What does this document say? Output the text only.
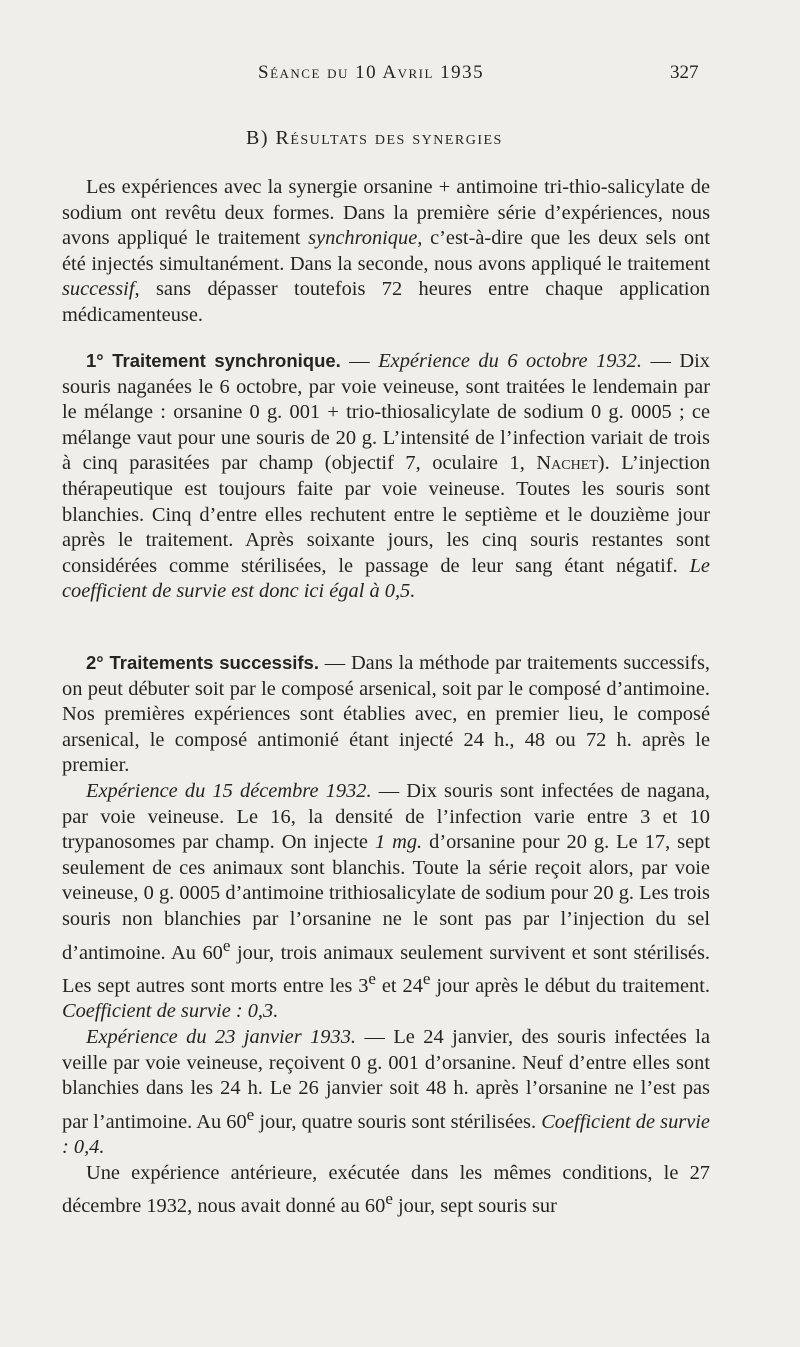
Séance du 10 Avril 1935	327
B) Résultats des synergies

Les expériences avec la synergie orsanine + antimoine tri-thio-salicylate de sodium ont revêtu deux formes. Dans la première série d’expériences, nous avons appliqué le traitement synchronique, c’est-à-dire que les deux sels ont été injectés simultanément. Dans la seconde, nous avons appliqué le traitement successif, sans dépasser toutefois 72 heures entre chaque application médicamenteuse.

1° Traitement synchronique. — Expérience du 6 octobre 1932. — Dix souris naganées le 6 octobre, par voie veineuse, sont traitées le lendemain par le mélange : orsanine 0 g. 001 + trio-thiosalicylate de sodium 0 g. 0005 ; ce mélange vaut pour une souris de 20 g. L’intensité de l’infection variait de trois à cinq parasitées par champ (objectif 7, oculaire 1, Nachet). L’injection thérapeutique est toujours faite par voie veineuse. Toutes les souris sont blanchies. Cinq d’entre elles rechutent entre le septième et le douzième jour après le traitement. Après soixante jours, les cinq souris restantes sont considérées comme stérilisées, le passage de leur sang étant négatif. Le coefficient de survie est donc ici égal à 0,5.

2° Traitements successifs. — Dans la méthode par traitements successifs, on peut débuter soit par le composé arsenical, soit par le composé d’antimoine. Nos premières expériences sont établies avec, en premier lieu, le composé arsenical, le composé antimonié étant injecté 24 h., 48 ou 72 h. après le premier.

Expérience du 15 décembre 1932. — Dix souris sont infectées de nagana, par voie veineuse. Le 16, la densité de l’infection varie entre 3 et 10 trypanosomes par champ. On injecte 1 mg. d’orsanine pour 20 g. Le 17, sept seulement de ces animaux sont blanchis. Toute la série reçoit alors, par voie veineuse, 0 g. 0005 d’antimoine trithiosalicylate de sodium pour 20 g. Les trois souris non blanchies par l’orsanine ne le sont pas par l’injection du sel d’antimoine. Au 60e jour, trois animaux seulement survivent et sont stérilisés. Les sept autres sont morts entre les 3e et 24e jour après le début du traitement. Coefficient de survie : 0,3.

Expérience du 23 janvier 1933. — Le 24 janvier, des souris infectées la veille par voie veineuse, reçoivent 0 g. 001 d’orsanine. Neuf d’entre elles sont blanchies dans les 24 h. Le 26 janvier soit 48 h. après l’orsanine ne l’est pas par l’antimoine. Au 60e jour, quatre souris sont stérilisées. Coefficient de survie : 0,4.

Une expérience antérieure, exécutée dans les mêmes conditions, le 27 décembre 1932, nous avait donné au 60e jour, sept souris sur
